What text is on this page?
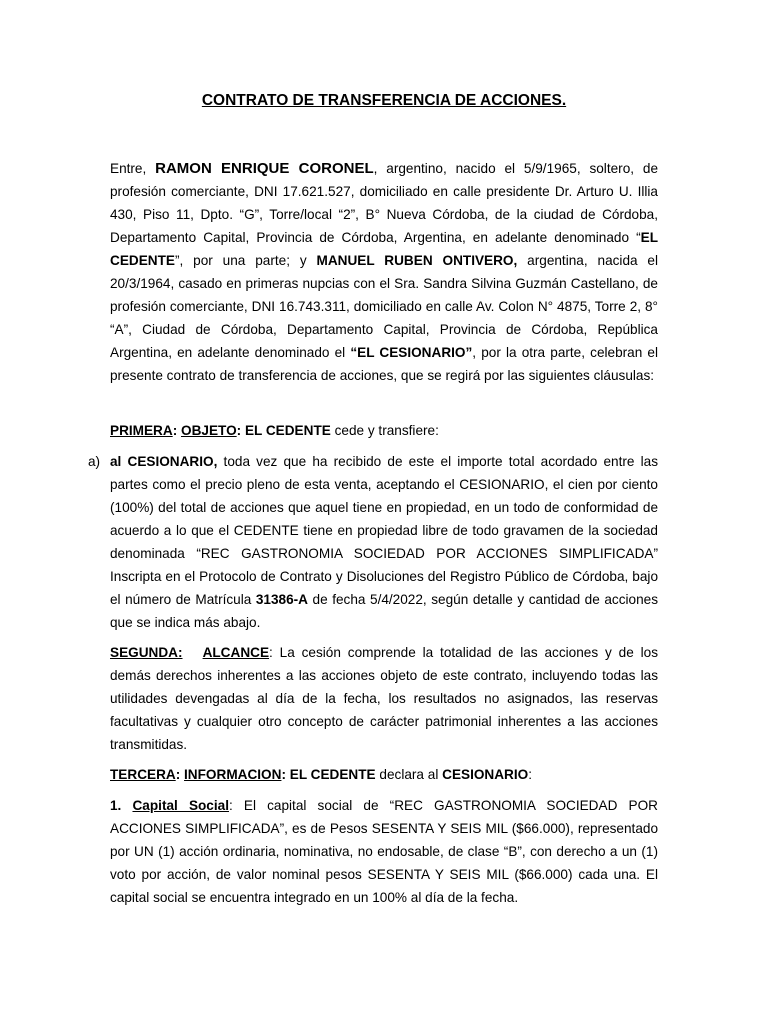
CONTRATO DE TRANSFERENCIA DE ACCIONES.

Entre, RAMON ENRIQUE CORONEL, argentino, nacido el 5/9/1965, soltero, de profesión comerciante, DNI 17.621.527, domiciliado en calle presidente Dr. Arturo U. Illia 430, Piso 11, Dpto. “G”, Torre/local “2”, B° Nueva Córdoba, de la ciudad de Córdoba, Departamento Capital, Provincia de Córdoba, Argentina, en adelante denominado “EL CEDENTE”, por una parte; y MANUEL RUBEN ONTIVERO, argentina, nacida el 20/3/1964, casado en primeras nupcias con el Sra. Sandra Silvina Guzmán Castellano, de profesión comerciante, DNI 16.743.311, domiciliado en calle Av. Colon N° 4875, Torre 2, 8° “A”, Ciudad de Córdoba, Departamento Capital, Provincia de Córdoba, República Argentina, en adelante denominado el “EL CESIONARIO”, por la otra parte, celebran el presente contrato de transferencia de acciones, que se regirá por las siguientes cláusulas:

PRIMERA: OBJETO: EL CEDENTE cede y transfiere:

a) al CESIONARIO, toda vez que ha recibido de este el importe total acordado entre las partes como el precio pleno de esta venta, aceptando el CESIONARIO, el cien por ciento (100%) del total de acciones que aquel tiene en propiedad, en un todo de conformidad de acuerdo a lo que el CEDENTE tiene en propiedad libre de todo gravamen de la sociedad denominada “REC GASTRONOMIA SOCIEDAD POR ACCIONES SIMPLIFICADA” Inscripta en el Protocolo de Contrato y Disoluciones del Registro Público de Córdoba, bajo el número de Matrícula 31386-A de fecha 5/4/2022, según detalle y cantidad de acciones que se indica más abajo.

SEGUNDA: ALCANCE: La cesión comprende la totalidad de las acciones y de los demás derechos inherentes a las acciones objeto de este contrato, incluyendo todas las utilidades devengadas al día de la fecha, los resultados no asignados, las reservas facultativas y cualquier otro concepto de carácter patrimonial inherentes a las acciones transmitidas.

TERCERA: INFORMACION: EL CEDENTE declara al CESIONARIO:

1. Capital Social: El capital social de “REC GASTRONOMIA SOCIEDAD POR ACCIONES SIMPLIFICADA”, es de Pesos SESENTA Y SEIS MIL ($66.000), representado por UN (1) acción ordinaria, nominativa, no endosable, de clase “B”, con derecho a un (1) voto por acción, de valor nominal pesos SESENTA Y SEIS MIL ($66.000) cada una. El capital social se encuentra integrado en un 100% al día de la fecha.
